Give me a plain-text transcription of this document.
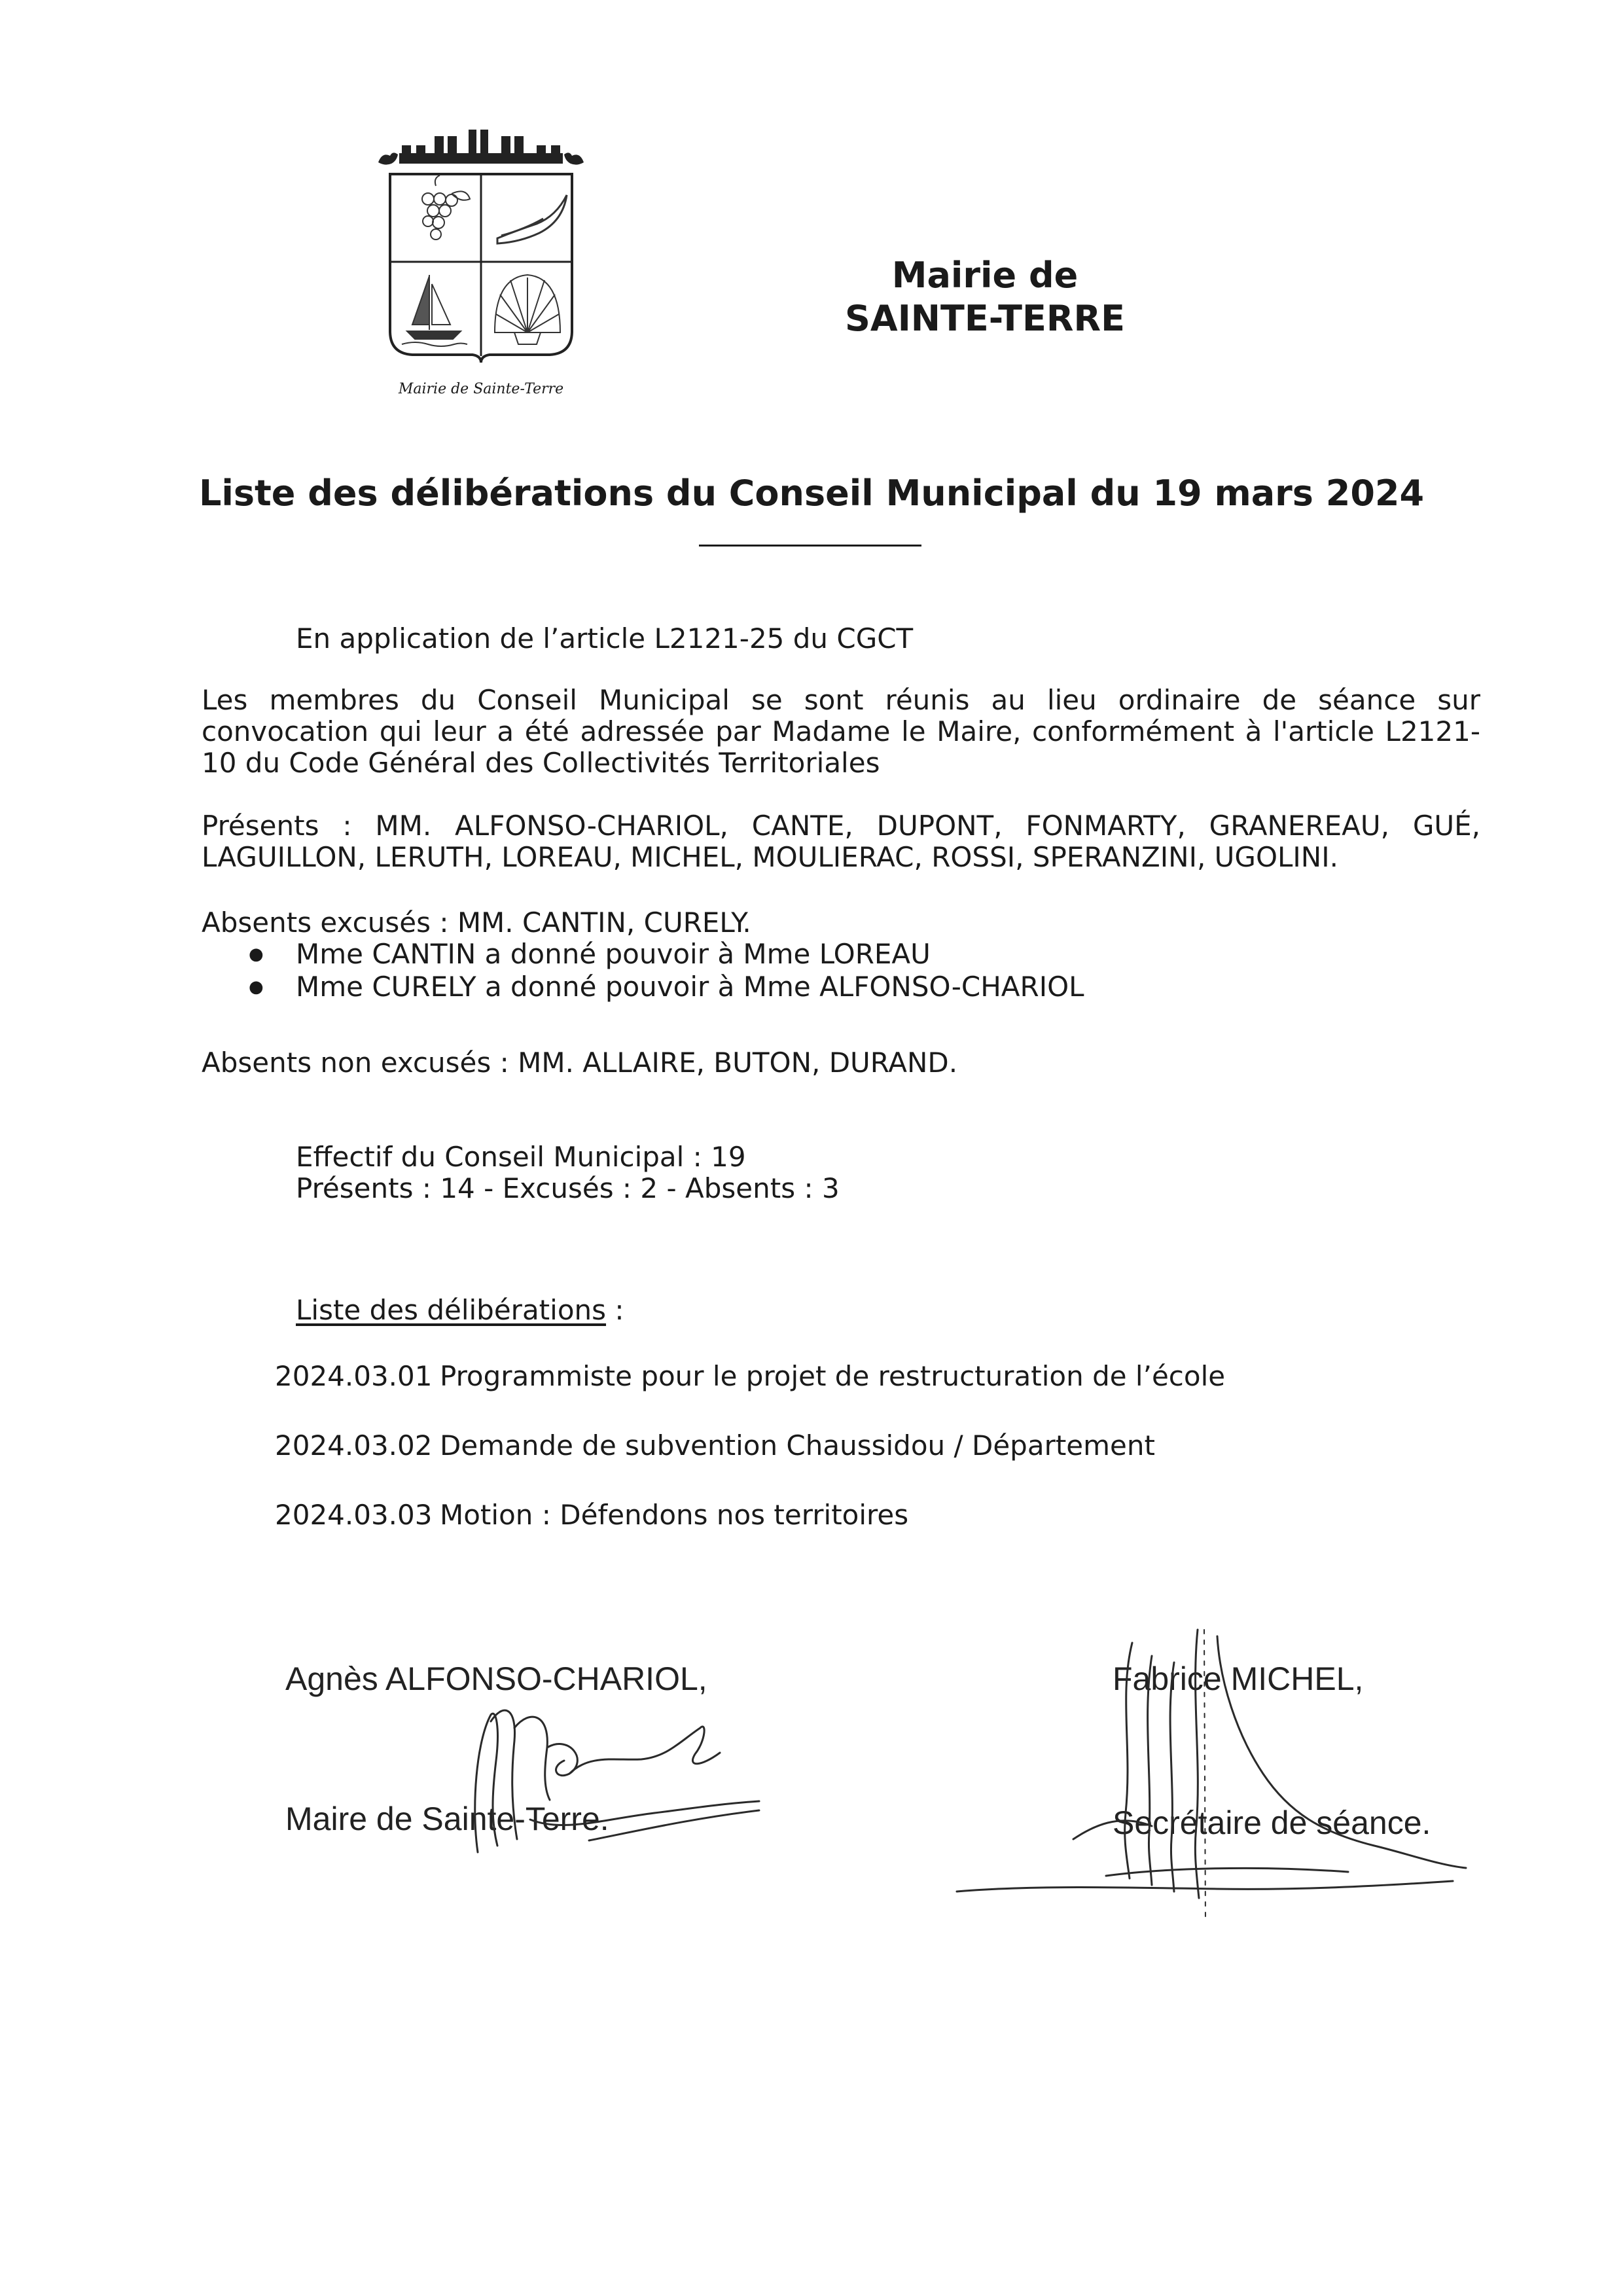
Mairie de Sainte-Terre
Mairie de
SAINTE-TERRE
Liste des délibérations du Conseil Municipal du 19 mars 2024
En application de l’article L2121-25 du CGCT
Les membres du Conseil Municipal se sont réunis au lieu ordinaire de séance sur convocation qui leur a été adressée par Madame le Maire, conformément à l'article L2121-10 du Code Général des Collectivités Territoriales
Présents : MM. ALFONSO-CHARIOL, CANTE, DUPONT, FONMARTY, GRANEREAU, GUÉ, LAGUILLON, LERUTH, LOREAU, MICHEL, MOULIERAC, ROSSI, SPERANZINI, UGOLINI.
Absents excusés : MM. CANTIN, CURELY.
● Mme CANTIN a donné pouvoir à Mme LOREAU
● Mme CURELY a donné pouvoir à Mme ALFONSO-CHARIOL
Absents non excusés : MM. ALLAIRE, BUTON, DURAND.
Effectif du Conseil Municipal : 19
Présents : 14 - Excusés : 2 - Absents : 3
Liste des délibérations :
2024.03.01 Programmiste pour le projet de restructuration de l’école
2024.03.02 Demande de subvention Chaussidou / Département
2024.03.03 Motion : Défendons nos territoires
Agnès ALFONSO-CHARIOL,
Maire de Sainte-Terre.
Fabrice MICHEL,
Secrétaire de séance.
